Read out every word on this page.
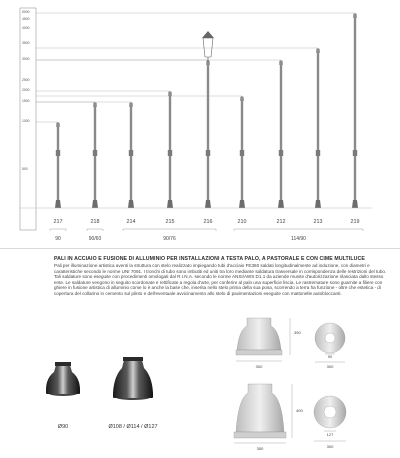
5000
4500
4000
3500
3000
2500
2000
1500
1000
500
217	218	214	215	216	210	212	213	219
90	90/60	90/76	114/90
PALI IN ACCIAIO E FUSIONE DI ALLUMINIO PER INSTALLAZIONI A TESTA PALO, A PASTORALE E CON CIME MULTILUCE
Pali per illuminazione artistica aventi la struttura con stelo realizzato impiegando tubi d'acciaio FE360 saldati longitudinalmente ad induzione, con diametri e caratteristiche secondo le norme UNI 7091. I tronchi di tubo sono imbutiti ed uniti tra loro mediante saldatura trasversale in corrispondenza delle restrizioni del tubo. Tali saldature sono eseguite con procedimenti omologati dal R.I.N.A. secondo le norme ANSI/AWS D1.1 da aziende munite d'autorizzazione rilasciata dallo stesso ente. Le saldature vengono in seguito scordonate e rettificate a regola d'arte, per conferire al palo una superficie liscia. Le rastremature sono guarnite a filiere con ghiere in fusione artistica di alluminio come lo è anche la base che, inserita nello stelo prima della sua posa, scorrendo a terra ha funzione - oltre che estetica - di copertura del collarino in cemento sul plinto e dell'eventuale avvicinamento allo stelo di pavimentazioni eseguite con mattonelle autobloccanti.
Ø90	Ø108 / Ø114 / Ø127
350
300
90
300
400
350
127
300
